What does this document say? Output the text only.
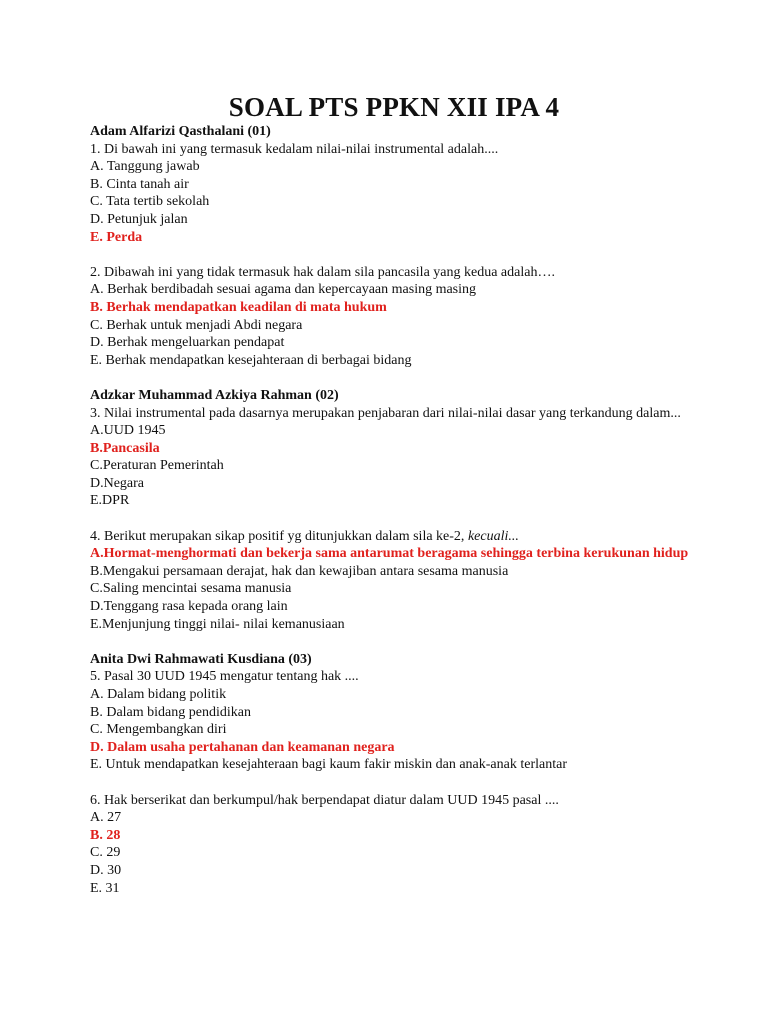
SOAL PTS PPKN XII IPA 4
Adam Alfarizi Qasthalani (01)
1. Di bawah ini yang termasuk kedalam nilai-nilai instrumental adalah....
A. Tanggung jawab
B. Cinta tanah air
C. Tata tertib sekolah
D. Petunjuk jalan
E. Perda
2. Dibawah ini yang tidak termasuk hak dalam sila pancasila yang kedua adalah….
A. Berhak berdibadah sesuai agama dan kepercayaan masing masing
B. Berhak mendapatkan keadilan di mata hukum
C. Berhak untuk menjadi Abdi negara
D. Berhak mengeluarkan pendapat
E. Berhak mendapatkan kesejahteraan di berbagai bidang
Adzkar Muhammad Azkiya Rahman (02)
3. Nilai instrumental pada dasarnya merupakan penjabaran dari nilai-nilai dasar yang terkandung dalam...
A.UUD 1945
B.Pancasila
C.Peraturan Pemerintah
D.Negara
E.DPR
4. Berikut merupakan sikap positif yg ditunjukkan dalam sila ke-2, kecuali...
A.Hormat-menghormati dan bekerja sama antarumat beragama sehingga terbina kerukunan hidup
B.Mengakui persamaan derajat, hak dan kewajiban antara sesama manusia
C.Saling mencintai sesama manusia
D.Tenggang rasa kepada orang lain
E.Menjunjung tinggi nilai- nilai kemanusiaan
Anita Dwi Rahmawati Kusdiana (03)
5. Pasal 30 UUD 1945 mengatur tentang hak ....
A. Dalam bidang politik
B. Dalam bidang pendidikan
C. Mengembangkan diri
D. Dalam usaha pertahanan dan keamanan negara
E. Untuk mendapatkan kesejahteraan bagi kaum fakir miskin dan anak-anak terlantar
6. Hak berserikat dan berkumpul/hak berpendapat diatur dalam UUD 1945 pasal ....
A. 27
B. 28
C. 29
D. 30
E. 31
